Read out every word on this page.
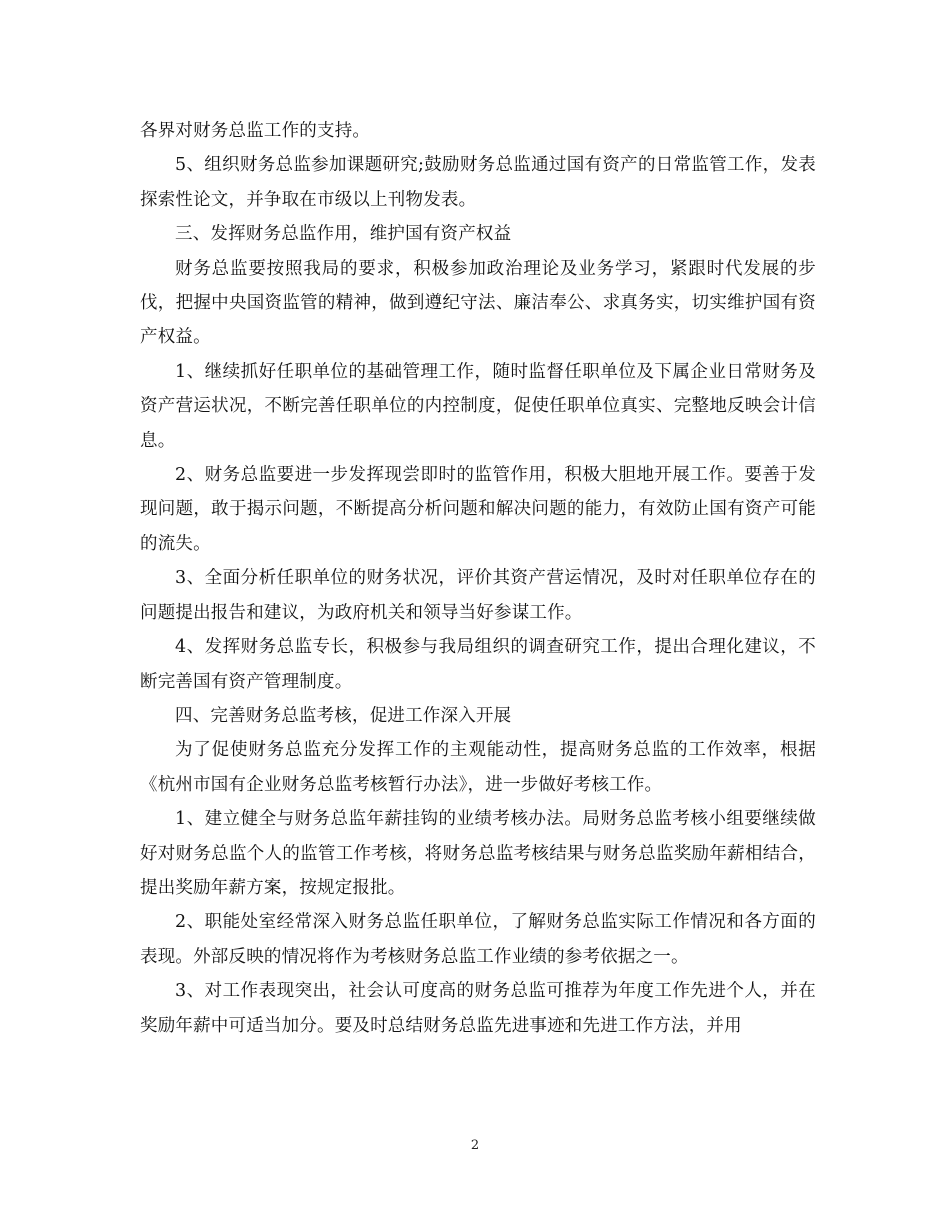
各界对财务总监工作的支持。

5、组织财务总监参加课题研究;鼓励财务总监通过国有资产的日常监管工作，发表探索性论文，并争取在市级以上刊物发表。

三、发挥财务总监作用，维护国有资产权益

财务总监要按照我局的要求，积极参加政治理论及业务学习，紧跟时代发展的步伐，把握中央国资监管的精神，做到遵纪守法、廉洁奉公、求真务实，切实维护国有资产权益。

1、继续抓好任职单位的基础管理工作，随时监督任职单位及下属企业日常财务及资产营运状况，不断完善任职单位的内控制度，促使任职单位真实、完整地反映会计信息。

2、财务总监要进一步发挥现尝即时的监管作用，积极大胆地开展工作。要善于发现问题，敢于揭示问题，不断提高分析问题和解决问题的能力，有效防止国有资产可能的流失。

3、全面分析任职单位的财务状况，评价其资产营运情况，及时对任职单位存在的问题提出报告和建议，为政府机关和领导当好参谋工作。

4、发挥财务总监专长，积极参与我局组织的调查研究工作，提出合理化建议，不断完善国有资产管理制度。

四、完善财务总监考核，促进工作深入开展

为了促使财务总监充分发挥工作的主观能动性，提高财务总监的工作效率，根据《杭州市国有企业财务总监考核暂行办法》，进一步做好考核工作。

1、建立健全与财务总监年薪挂钩的业绩考核办法。局财务总监考核小组要继续做好对财务总监个人的监管工作考核，将财务总监考核结果与财务总监奖励年薪相结合，提出奖励年薪方案，按规定报批。

2、职能处室经常深入财务总监任职单位，了解财务总监实际工作情况和各方面的表现。外部反映的情况将作为考核财务总监工作业绩的参考依据之一。

3、对工作表现突出，社会认可度高的财务总监可推荐为年度工作先进个人，并在奖励年薪中可适当加分。要及时总结财务总监先进事迹和先进工作方法，并用

2
